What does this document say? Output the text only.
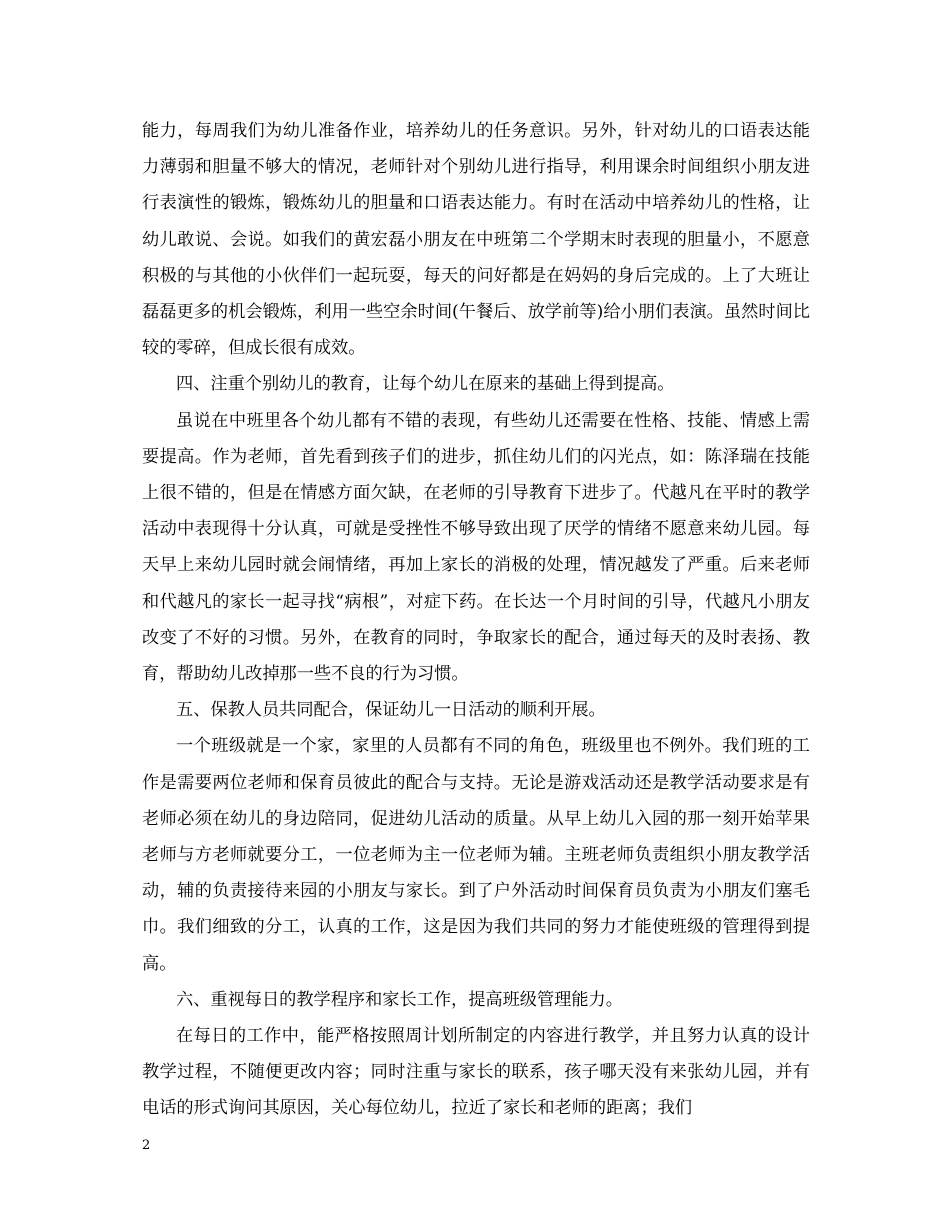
能力，每周我们为幼儿准备作业，培养幼儿的任务意识。另外，针对幼儿的口语表达能力薄弱和胆量不够大的情况，老师针对个别幼儿进行指导，利用课余时间组织小朋友进行表演性的锻炼，锻炼幼儿的胆量和口语表达能力。有时在活动中培养幼儿的性格，让幼儿敢说、会说。如我们的黄宏磊小朋友在中班第二个学期末时表现的胆量小，不愿意积极的与其他的小伙伴们一起玩耍，每天的问好都是在妈妈的身后完成的。上了大班让磊磊更多的机会锻炼，利用一些空余时间(午餐后、放学前等)给小朋们表演。虽然时间比较的零碎，但成长很有成效。

四、注重个别幼儿的教育，让每个幼儿在原来的基础上得到提高。

虽说在中班里各个幼儿都有不错的表现，有些幼儿还需要在性格、技能、情感上需要提高。作为老师，首先看到孩子们的进步，抓住幼儿们的闪光点，如：陈泽瑞在技能上很不错的，但是在情感方面欠缺，在老师的引导教育下进步了。代越凡在平时的教学活动中表现得十分认真，可就是受挫性不够导致出现了厌学的情绪不愿意来幼儿园。每天早上来幼儿园时就会闹情绪，再加上家长的消极的处理，情况越发了严重。后来老师和代越凡的家长一起寻找“病根”，对症下药。在长达一个月时间的引导，代越凡小朋友改变了不好的习惯。另外，在教育的同时，争取家长的配合，通过每天的及时表扬、教育，帮助幼儿改掉那一些不良的行为习惯。

五、保教人员共同配合，保证幼儿一日活动的顺利开展。

一个班级就是一个家，家里的人员都有不同的角色，班级里也不例外。我们班的工作是需要两位老师和保育员彼此的配合与支持。无论是游戏活动还是教学活动要求是有老师必须在幼儿的身边陪同，促进幼儿活动的质量。从早上幼儿入园的那一刻开始苹果老师与方老师就要分工，一位老师为主一位老师为辅。主班老师负责组织小朋友教学活动，辅的负责接待来园的小朋友与家长。到了户外活动时间保育员负责为小朋友们塞毛巾。我们细致的分工，认真的工作，这是因为我们共同的努力才能使班级的管理得到提高。

六、重视每日的教学程序和家长工作，提高班级管理能力。

在每日的工作中，能严格按照周计划所制定的内容进行教学，并且努力认真的设计教学过程，不随便更改内容；同时注重与家长的联系，孩子哪天没有来张幼儿园，并有电话的形式询问其原因，关心每位幼儿，拉近了家长和老师的距离；我们

2
